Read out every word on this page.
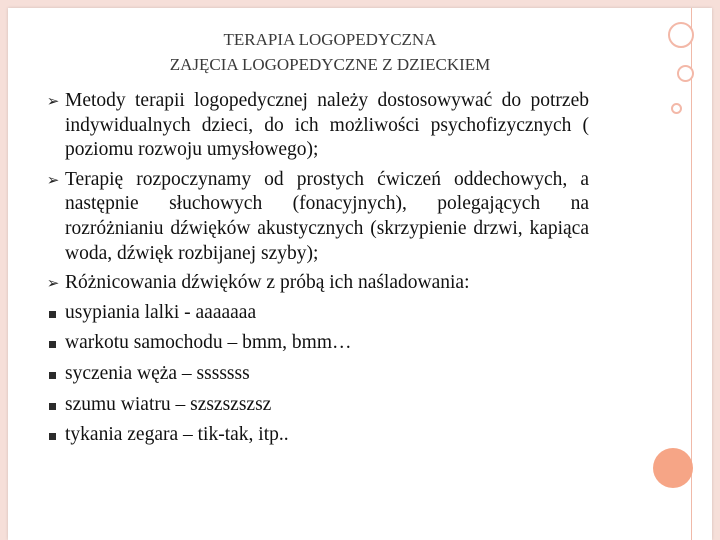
TERAPIA LOGOPEDYCZNA
ZAJĘCIA LOGOPEDYCZNE Z DZIECKIEM
➢ Metody terapii logopedycznej należy dostosowywać do potrzeb indywidualnych dzieci, do ich możliwości psychofizycznych ( poziomu rozwoju umysłowego);
➢ Terapię rozpoczynamy od prostych ćwiczeń oddechowych, a następnie słuchowych (fonacyjnych), polegających na rozróżnianiu dźwięków akustycznych (skrzypienie drzwi, kapiąca woda, dźwięk rozbijanej szyby);
➢ Różnicowania dźwięków z próbą ich naśladowania:
usypiania lalki - aaaaaaa
warkotu samochodu – bmm, bmm…
syczenia węża – sssssss
szumu wiatru – szszszszsz
tykania zegara – tik-tak, itp..
